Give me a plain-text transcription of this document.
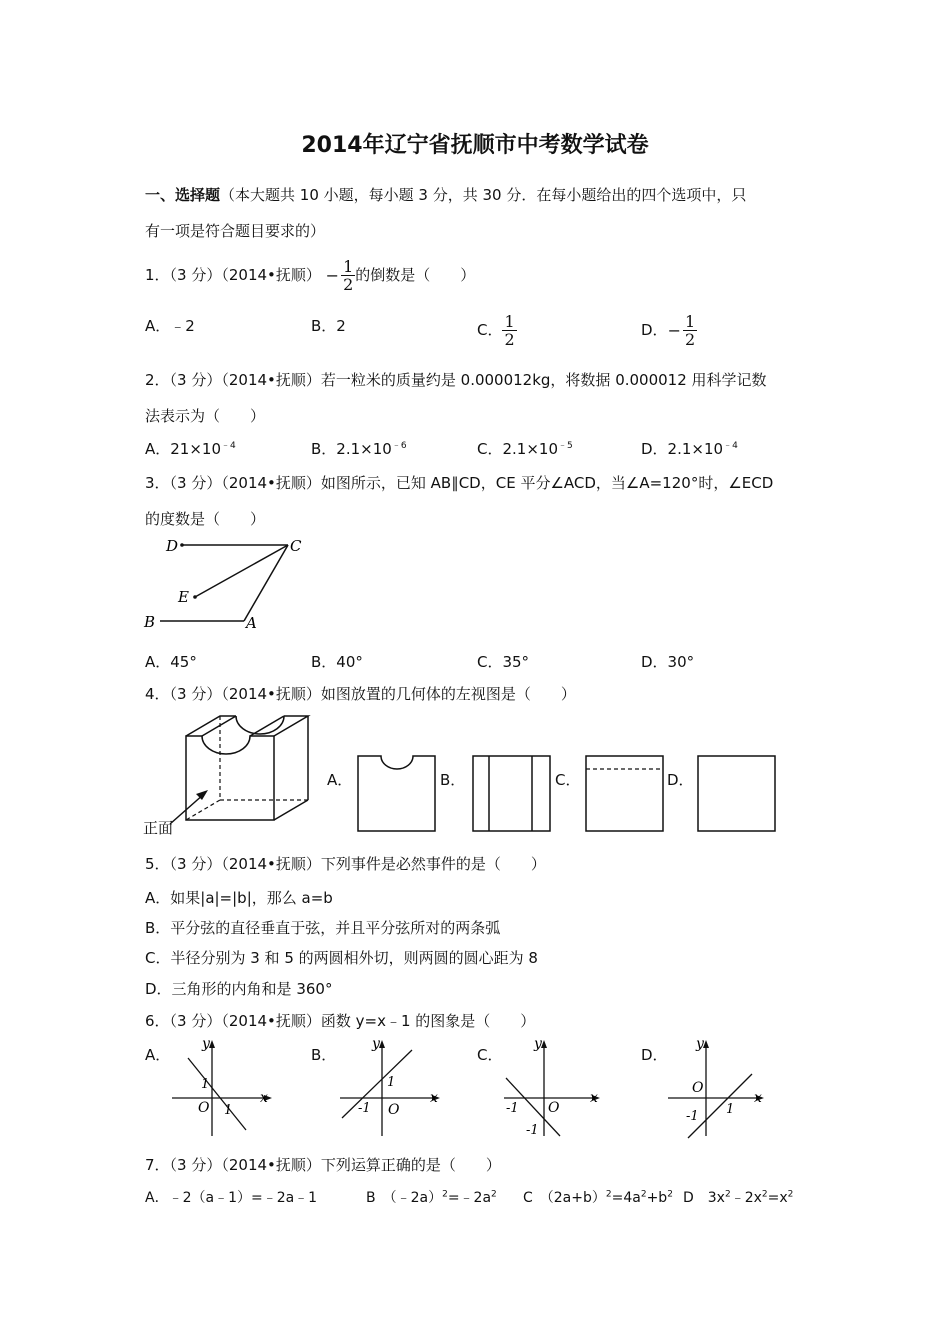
2014年辽宁省抚顺市中考数学试卷
一、选择题（本大题共 10 小题，每小题 3 分，共 30 分．在每小题给出的四个选项中，只
有一项是符合题目要求的）
1．（3 分）（2014•抚顺） − $\frac{1}{2}$ 的倒数是（　　）
A．﹣2	B．2	C． $\frac{1}{2}$	D．− $\frac{1}{2}$
2．（3 分）（2014•抚顺）若一粒米的质量约是 0.000012kg，将数据 0.000012 用科学记数
法表示为（　　）
A．$21\times 10^{﹣4}$	B．$2.1\times 10^{﹣6}$	C．$2.1\times 10^{﹣5}$	D．$2.1\times 10^{﹣4}$
3．（3 分）（2014•抚顺）如图所示，已知 AB∥CD，CE 平分∠ACD，当∠A=120°时，∠ECD
的度数是（　　）
D	C
E
B	A
A．45°	B．40°	C．35°	D．30°
4．（3 分）（2014•抚顺）如图放置的几何体的左视图是（　　）
正面
A．	B．	C．	D．
5．（3 分）（2014•抚顺）下列事件是必然事件的是（　　）
A．如果|a|=|b|，那么 a=b
B．平分弦的直径垂直于弦，并且平分弦所对的两条弧
C．半径分别为 3 和 5 的两圆相外切，则两圆的圆心距为 8
D．三角形的内角和是 360°
6．（3 分）（2014•抚顺）函数 y=x﹣1 的图象是（　　）
A．
y
x
O
1
1
B．
y
x
O
1
-1
C．
y
x
O
-1
-1
D．
y
x
O
-1 1
7．（3 分）（2014•抚顺）下列运算正确的是（　　）
A．﹣2（a﹣1）=﹣2a﹣1	B　$(﹣2a)^2=﹣2a^2$ C　$(2a+b)^2=4a^2+b^2$ D　$3x^2﹣2x^2=x^2$
